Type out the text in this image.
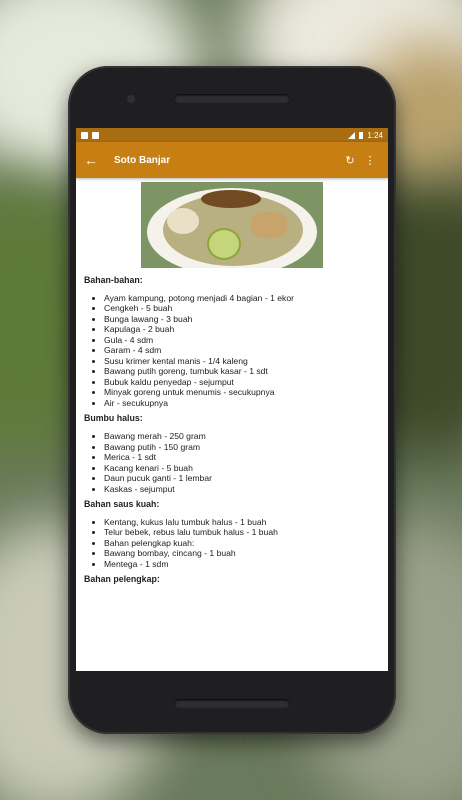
1:24
←	Soto Banjar	↻ ⋮
Bahan-bahan:
• Ayam kampung, potong menjadi 4 bagian - 1 ekor
• Cengkeh - 5 buah
• Bunga lawang - 3 buah
• Kapulaga - 2 buah
• Gula - 4 sdm
• Garam - 4 sdm
• Susu krimer kental manis - 1/4 kaleng
• Bawang putih goreng, tumbuk kasar - 1 sdt
• Bubuk kaldu penyedap - sejumput
• Minyak goreng untuk menumis - secukupnya
• Air - secukupnya
Bumbu halus:
• Bawang merah - 250 gram
• Bawang putih - 150 gram
• Merica - 1 sdt
• Kacang kenari - 5 buah
• Daun pucuk ganti - 1 lembar
• Kaskas - sejumput
Bahan saus kuah:
• Kentang, kukus lalu tumbuk halus - 1 buah
• Telur bebek, rebus lalu tumbuk halus - 1 buah
• Bahan pelengkap kuah:
• Bawang bombay, cincang - 1 buah
• Mentega - 1 sdm
Bahan pelengkap:
